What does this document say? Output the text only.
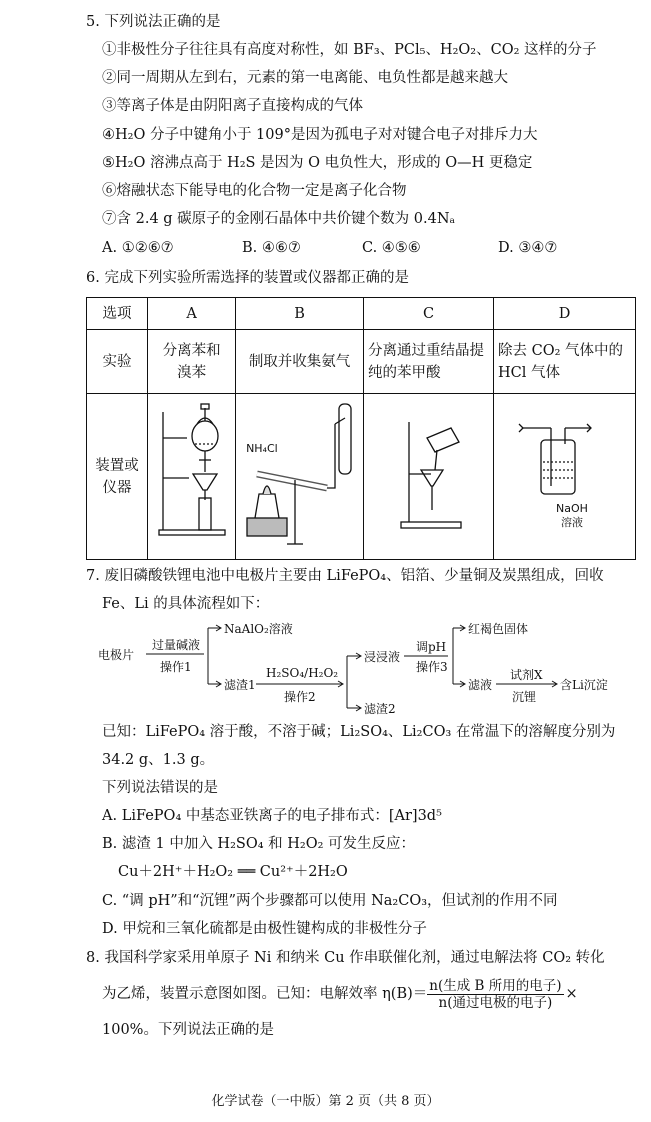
5. 下列说法正确的是
①非极性分子往往具有高度对称性，如 BF₃、PCl₅、H₂O₂、CO₂ 这样的分子
②同一周期从左到右，元素的第一电离能、电负性都是越来越大
③等离子体是由阴阳离子直接构成的气体
④H₂O 分子中键角小于 109°是因为孤电子对对键合电子对排斥力大
⑤H₂O 溶沸点高于 H₂S 是因为 O 电负性大，形成的 O—H 更稳定
⑥熔融状态下能导电的化合物一定是离子化合物
⑦含 2.4 g 碳原子的金刚石晶体中共价键个数为 0.4Nₐ
A. ①②⑥⑦	B. ④⑥⑦	C. ④⑤⑥	D. ③④⑦
6. 完成下列实验所需选择的装置或仪器都正确的是
选项	A	B	C	D
实验	分离苯和溴苯	制取并收集氨气	分离通过重结晶提纯的苯甲酸	除去 CO₂ 气体中的 HCl 气体
装置或仪器		NH₄Cl		NaOH
溶液
7. 废旧磷酸铁锂电池中电极片主要由 LiFePO₄、铝箔、少量铜及炭黑组成，回收
Fe、Li 的具体流程如下：
电极片
过量碱液
操作1
NaAlO₂溶液
滤渣1
H₂SO₄/H₂O₂
操作2
浸浸液
滤渣2
调pH
操作3
红褐色固体
滤液
试剂X
沉锂
含Li沉淀
已知：LiFePO₄ 溶于酸，不溶于碱；Li₂SO₄、Li₂CO₃ 在常温下的溶解度分别为
34.2 g、1.3 g。
下列说法错误的是
A. LiFePO₄ 中基态亚铁离子的电子排布式：[Ar]3d⁵
B. 滤渣 1 中加入 H₂SO₄ 和 H₂O₂ 可发生反应：
Cu＋2H⁺＋H₂O₂ ══ Cu²⁺＋2H₂O
C. “调 pH”和“沉锂”两个步骤都可以使用 Na₂CO₃，但试剂的作用不同
D. 甲烷和三氧化硫都是由极性键构成的非极性分子
8. 我国科学家采用单原子 Ni 和纳米 Cu 作串联催化剂，通过电解法将 CO₂ 转化
为乙烯，装置示意图如图。已知：电解效率 $\eta(B)= \frac{\text{n(生成 B 所用的电子)}}{\text{n(通过电极的电子)}}$ ×
100%。下列说法正确的是
化学试卷（一中版）第 2 页（共 8 页）
